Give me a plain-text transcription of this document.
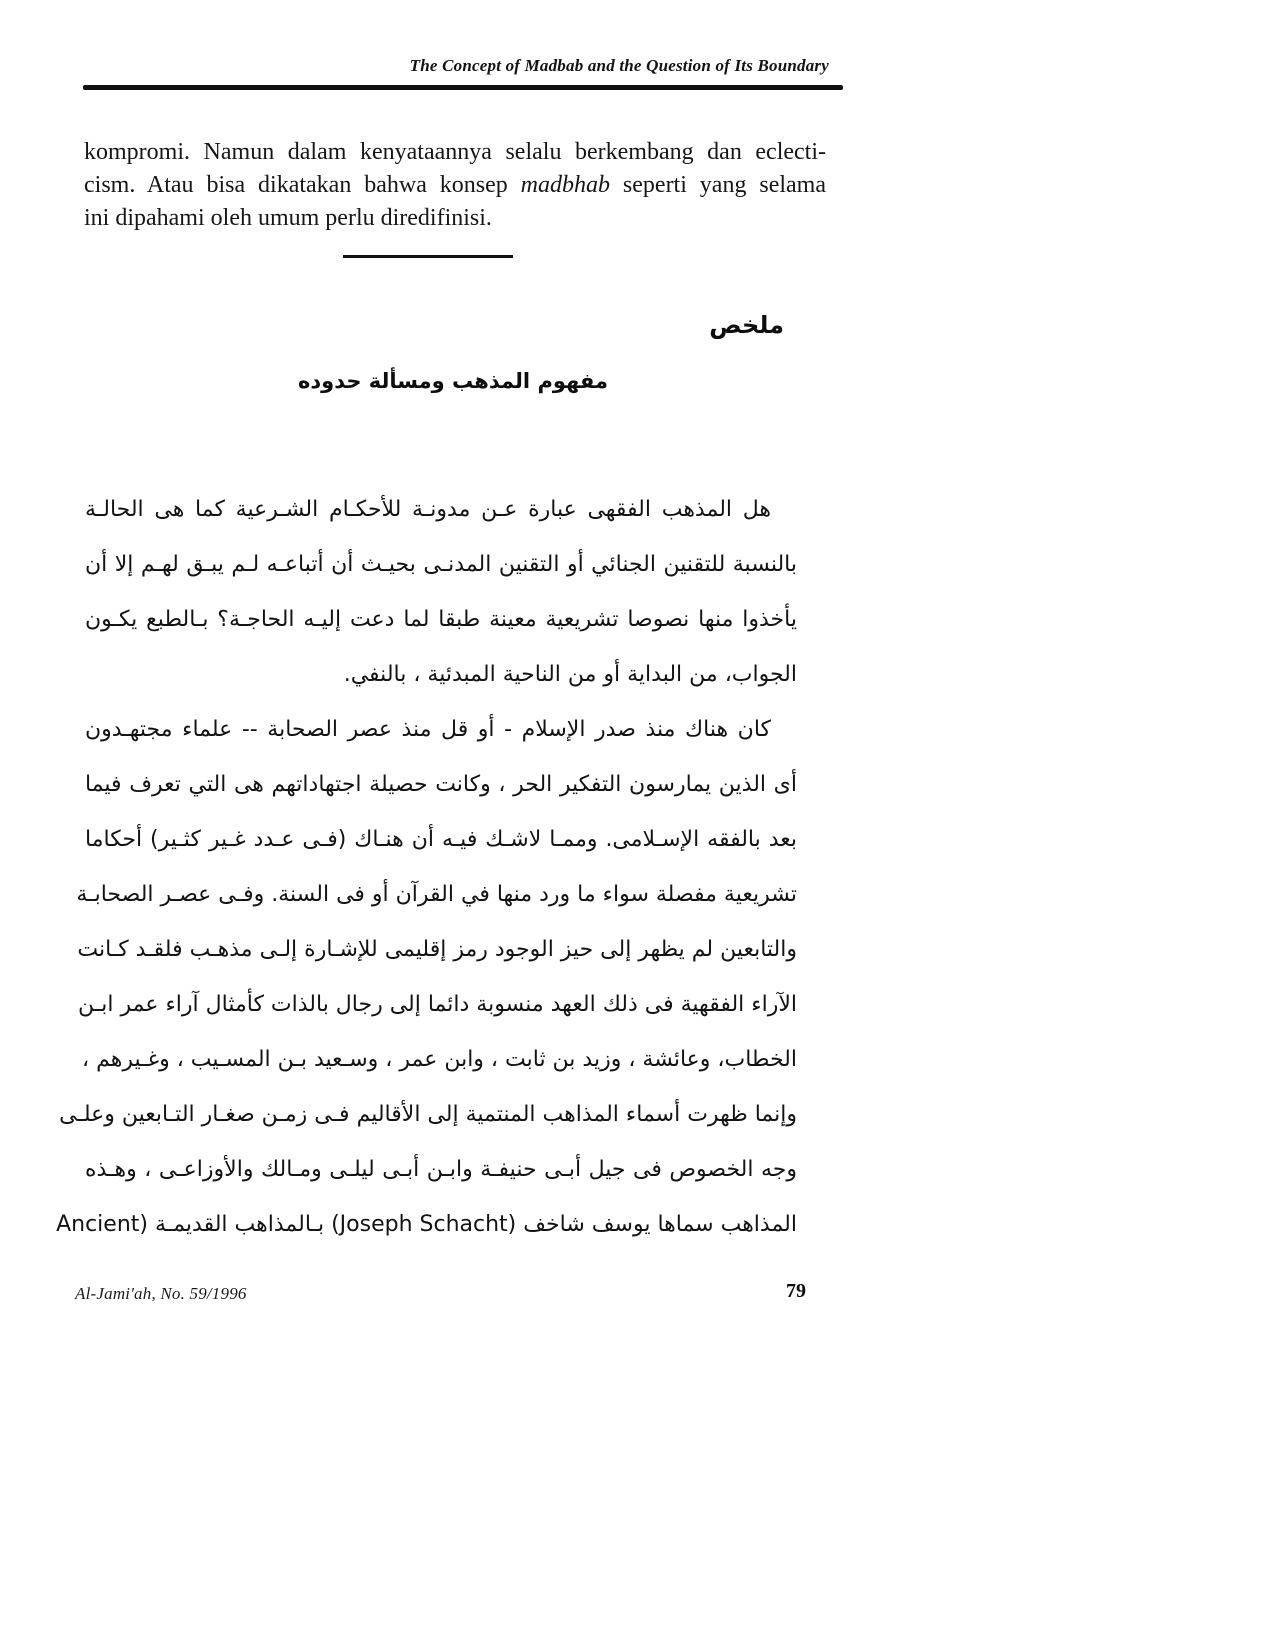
The Concept of Madbab and the Question of Its Boundary
kompromi. Namun dalam kenyataannya selalu berkembang dan eclecti-
cism. Atau bisa dikatakan bahwa konsep madbhab seperti yang selama
ini dipahami oleh umum perlu diredifinisi.
ملخص
مفهوم المذهب ومسألة حدوده
هل المذهب الفقهى عبارة عـن مدونـة للأحكـام الشـرعية كما هى الحالـة
بالنسبة للتقنين الجنائي أو التقنين المدنـى بحيـث أن أتباعـه لـم يبـق لهـم إلا أن
يأخذوا منها نصوصا تشريعية معينة طبقا لما دعت إليـه الحاجـة؟ بـالطبع يكـون
الجواب، من البداية أو من الناحية المبدئية ، بالنفي.
كان هناك منذ صدر الإسلام - أو قل منذ عصر الصحابة -- علماء مجتهـدون
أى الذين يمارسون التفكير الحر ، وكانت حصيلة اجتهاداتهم هى التي تعرف فيما
بعد بالفقه الإسـلامى. وممـا لاشـك فيـه أن هنـاك (فـى عـدد غـير كثـير) أحكاما
تشريعية مفصلة سواء ما ورد منها في القرآن أو فى السنة. وفـى عصـر الصحابـة
والتابعين لم يظهر إلى حيز الوجود رمز إقليمى للإشـارة إلـى مذهـب فلقـد كـانت
الآراء الفقهية فى ذلك العهد منسوبة دائما إلى رجال بالذات كأمثال آراء عمر ابـن
الخطاب، وعائشة ، وزيد بن ثابت ، وابن عمر ، وسـعيد بـن المسـيب ، وغـيرهم ،
وإنما ظهرت أسماء المذاهب المنتمية إلى الأقاليم فـى زمـن صغـار التـابعين وعلـى
وجه الخصوص فى جيل أبـى حنيفـة وابـن أبـى ليلـى ومـالك والأوزاعـى ، وهـذه
المذاهب سماها يوسف شاخف (Joseph Schacht) بـالمذاهب القديمـة (Ancient
Al-Jami'ah, No. 59/1996	79
